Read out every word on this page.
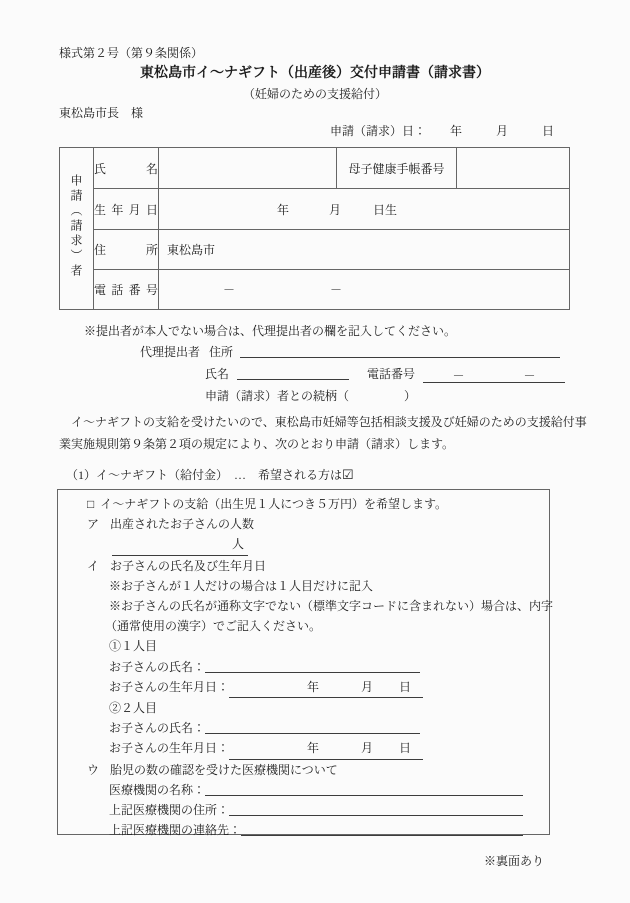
様式第２号（第９条関係）
東松島市イ～ナギフト（出産後）交付申請書（請求書）
（妊婦のための支援給付）
東松島市長　様
申請（請求）日： 年	月	日
申請（請求）者	氏　名		母子健康手帳番号	
	生年月日	年 月 日生		
	住　所	東松島市		
	電話番号	－ －		
※提出者が本人でない場合は、代理提出者の欄を記入してください。
代理提出者 住所
氏名	電話番号	－	－
申請（請求）者との続柄（	）
　イ～ナギフトの支給を受けたいので、東松島市妊婦等包括相談支援及び妊婦のための支援給付事
業実施規則第９条第２項の規定により、次のとおり申請（請求）します。
（1）イ～ナギフト（給付金）　…　希望される方は☑
□ イ～ナギフトの支給（出生児１人につき５万円）を希望します。
ア 出産されたお子さんの人数
人
イ お子さんの氏名及び生年月日
※お子さんが１人だけの場合は１人目だけに記入
※お子さんの氏名が通称文字でない（標準文字コードに含まれない）場合は、内字
（通常使用の漢字）でご記入ください。
①１人目
お子さんの氏名：
お子さんの生年月日：	年	月 日
②２人目
お子さんの氏名：
お子さんの生年月日：	年	月 日
ウ 胎児の数の確認を受けた医療機関について
医療機関の名称：
上記医療機関の住所：
上記医療機関の連絡先：
※裏面あり
